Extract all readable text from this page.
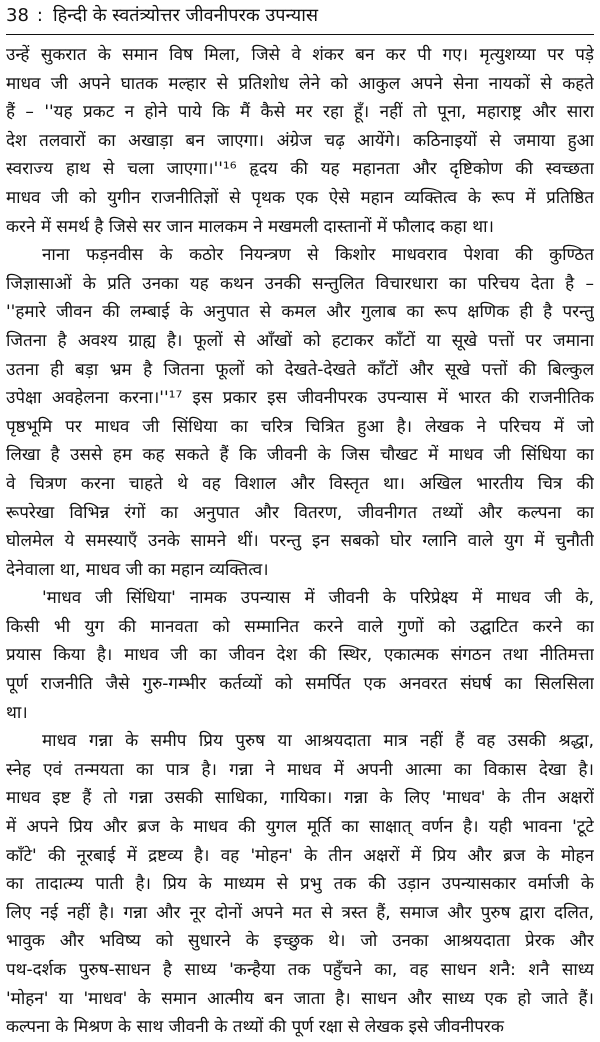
38 : हिन्दी के स्वतंत्र्योत्तर जीवनीपरक उपन्यास

उन्हें सुकरात के समान विष मिला, जिसे वे शंकर बन कर पी गए। मृत्युशय्या पर पड़े
माधव जी अपने घातक मल्हार से प्रतिशोध लेने को आकुल अपने सेना नायकों से कहते
हैं – ''यह प्रकट न होने पाये कि मैं कैसे मर रहा हूँ। नहीं तो पूना, महाराष्ट्र और सारा
देश तलवारों का अखाड़ा बन जाएगा। अंग्रेज चढ़ आयेंगे। कठिनाइयों से जमाया हुआ
स्वराज्य हाथ से चला जाएगा।''¹⁶ हृदय की यह महानता और दृष्टिकोण की स्वच्छता
माधव जी को युगीन राजनीतिज्ञों से पृथक एक ऐसे महान व्यक्तित्व के रूप में प्रतिष्ठित
करने में समर्थ है जिसे सर जान मालकम ने मखमली दास्तानों में फौलाद कहा था।

नाना फड़नवीस के कठोर नियन्त्रण से किशोर माधवराव पेशवा की कुण्ठित
जिज्ञासाओं के प्रति उनका यह कथन उनकी सन्तुलित विचारधारा का परिचय देता है –
''हमारे जीवन की लम्बाई के अनुपात से कमल और गुलाब का रूप क्षणिक ही है परन्तु
जितना है अवश्य ग्राह्य है। फूलों से आँखों को हटाकर काँटों या सूखे पत्तों पर जमाना
उतना ही बड़ा भ्रम है जितना फूलों को देखते-देखते काँटों और सूखे पत्तों की बिल्कुल
उपेक्षा अवहेलना करना।''¹⁷ इस प्रकार इस जीवनीपरक उपन्यास में भारत की राजनीतिक
पृष्ठभूमि पर माधव जी सिंधिया का चरित्र चित्रित हुआ है। लेखक ने परिचय में जो
लिखा है उससे हम कह सकते हैं कि जीवनी के जिस चौखट में माधव जी सिंधिया का
वे चित्रण करना चाहते थे वह विशाल और विस्तृत था। अखिल भारतीय चित्र की
रूपरेखा विभिन्न रंगों का अनुपात और वितरण, जीवनीगत तथ्यों और कल्पना का
घोलमेल ये समस्याएँ उनके सामने थीं। परन्तु इन सबको घोर ग्लानि वाले युग में चुनौती
देनेवाला था, माधव जी का महान व्यक्तित्व।

'माधव जी सिंधिया' नामक उपन्यास में जीवनी के परिप्रेक्ष्य में माधव जी के,
किसी भी युग की मानवता को सम्मानित करने वाले गुणों को उद्घाटित करने का
प्रयास किया है। माधव जी का जीवन देश की स्थिर, एकात्मक संगठन तथा नीतिमत्ता
पूर्ण राजनीति जैसे गुरु-गम्भीर कर्तव्यों को समर्पित एक अनवरत संघर्ष का सिलसिला
था।

माधव गन्ना के समीप प्रिय पुरुष या आश्रयदाता मात्र नहीं हैं वह उसकी श्रद्धा,
स्नेह एवं तन्मयता का पात्र है। गन्ना ने माधव में अपनी आत्मा का विकास देखा है।
माधव इष्ट हैं तो गन्ना उसकी साधिका, गायिका। गन्ना के लिए 'माधव' के तीन अक्षरों
में अपने प्रिय और ब्रज के माधव की युगल मूर्ति का साक्षात् वर्णन है। यही भावना 'टूटे
काँटे' की नूरबाई में द्रष्टव्य है। वह 'मोहन' के तीन अक्षरों में प्रिय और ब्रज के मोहन
का तादात्म्य पाती है। प्रिय के माध्यम से प्रभु तक की उड़ान उपन्यासकार वर्माजी के
लिए नई नहीं है। गन्ना और नूर दोनों अपने मत से त्रस्त हैं, समाज और पुरुष द्वारा दलित,
भावुक और भविष्य को सुधारने के इच्छुक थे। जो उनका आश्रयदाता प्रेरक और
पथ-दर्शक पुरुष-साधन है साध्य 'कन्हैया तक पहुँचने का, वह साधन शनै: शनै साध्य
'मोहन' या 'माधव' के समान आत्मीय बन जाता है। साधन और साध्य एक हो जाते हैं।
कल्पना के मिश्रण के साथ जीवनी के तथ्यों की पूर्ण रक्षा से लेखक इसे जीवनीपरक
